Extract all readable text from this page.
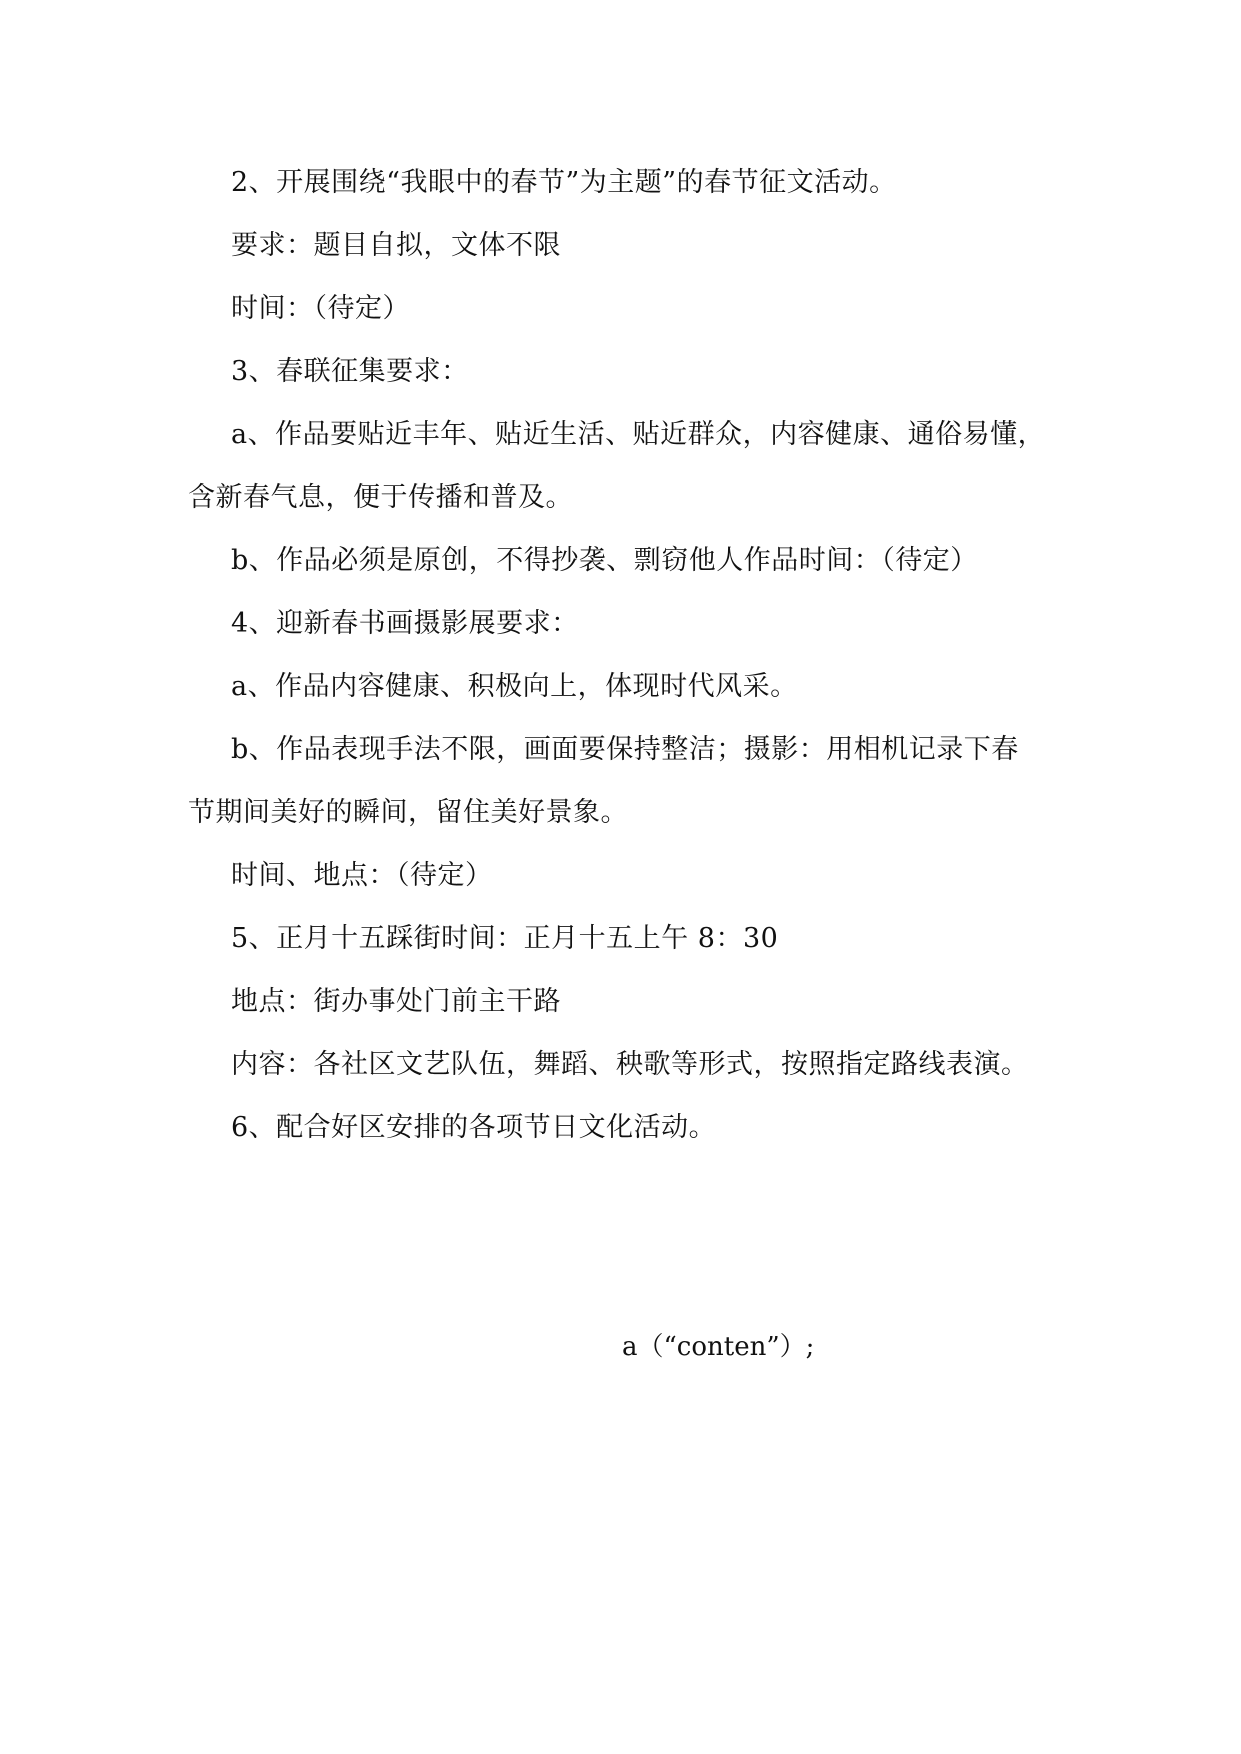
2、开展围绕“我眼中的春节”为主题”的春节征文活动。
要求：题目自拟，文体不限
时间：（待定）
3、春联征集要求：
a、作品要贴近丰年、贴近生活、贴近群众，内容健康、通俗易懂，
含新春气息，便于传播和普及。
b、作品必须是原创，不得抄袭、剽窃他人作品时间：（待定）
4、迎新春书画摄影展要求：
a、作品内容健康、积极向上，体现时代风采。
b、作品表现手法不限，画面要保持整洁；摄影：用相机记录下春
节期间美好的瞬间，留住美好景象。
时间、地点：（待定）
5、正月十五踩街时间：正月十五上午 8：30
地点：街办事处门前主干路
内容：各社区文艺队伍，舞蹈、秧歌等形式，按照指定路线表演。
6、配合好区安排的各项节日文化活动。
a（“conten”）;
